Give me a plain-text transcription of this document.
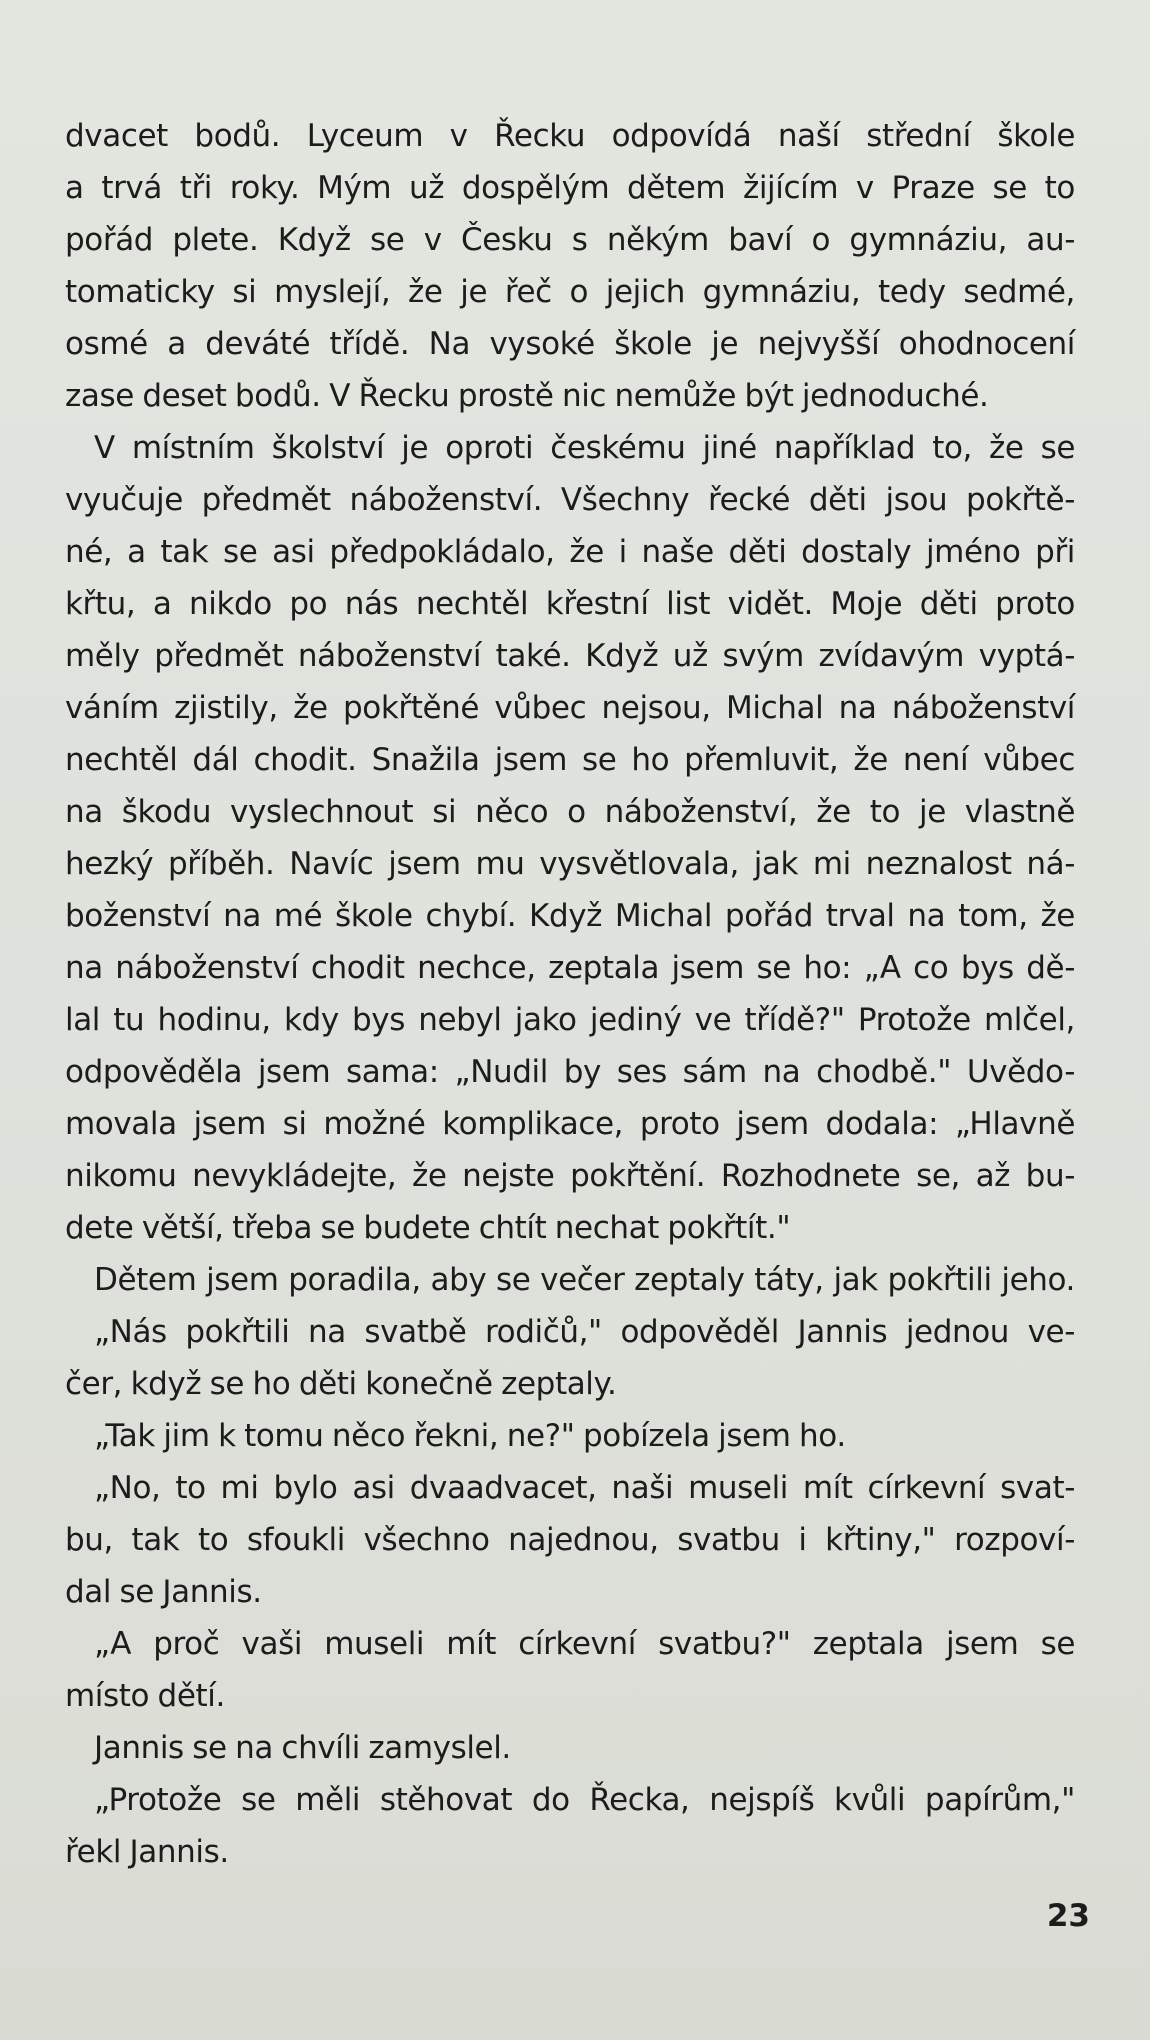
dvacet bodů. Lyceum v Řecku odpovídá naší střední škole
a trvá tři roky. Mým už dospělým dětem žijícím v Praze se to
pořád plete. Když se v Česku s někým baví o gymnáziu, au-
tomaticky si myslejí, že je řeč o jejich gymnáziu, tedy sedmé,
osmé a deváté třídě. Na vysoké škole je nejvyšší ohodnocení
zase deset bodů. V Řecku prostě nic nemůže být jednoduché.
V místním školství je oproti českému jiné například to, že se
vyučuje předmět náboženství. Všechny řecké děti jsou pokřtě-
né, a tak se asi předpokládalo, že i naše děti dostaly jméno při
křtu, a nikdo po nás nechtěl křestní list vidět. Moje děti proto
měly předmět náboženství také. Když už svým zvídavým vyptá-
váním zjistily, že pokřtěné vůbec nejsou, Michal na náboženství
nechtěl dál chodit. Snažila jsem se ho přemluvit, že není vůbec
na škodu vyslechnout si něco o náboženství, že to je vlastně
hezký příběh. Navíc jsem mu vysvětlovala, jak mi neznalost ná-
boženství na mé škole chybí. Když Michal pořád trval na tom, že
na náboženství chodit nechce, zeptala jsem se ho: „A co bys dě-
lal tu hodinu, kdy bys nebyl jako jediný ve třídě?" Protože mlčel,
odpověděla jsem sama: „Nudil by ses sám na chodbě." Uvědo-
movala jsem si možné komplikace, proto jsem dodala: „Hlavně
nikomu nevykládejte, že nejste pokřtění. Rozhodnete se, až bu-
dete větší, třeba se budete chtít nechat pokřtít."
Dětem jsem poradila, aby se večer zeptaly táty, jak pokřtili jeho.
„Nás pokřtili na svatbě rodičů," odpověděl Jannis jednou ve-
čer, když se ho děti konečně zeptaly.
„Tak jim k tomu něco řekni, ne?" pobízela jsem ho.
„No, to mi bylo asi dvaadvacet, naši museli mít církevní svat-
bu, tak to sfoukli všechno najednou, svatbu i křtiny," rozpoví-
dal se Jannis.
„A proč vaši museli mít církevní svatbu?" zeptala jsem se
místo dětí.
Jannis se na chvíli zamyslel.
„Protože se měli stěhovat do Řecka, nejspíš kvůli papírům,"
řekl Jannis.
23
